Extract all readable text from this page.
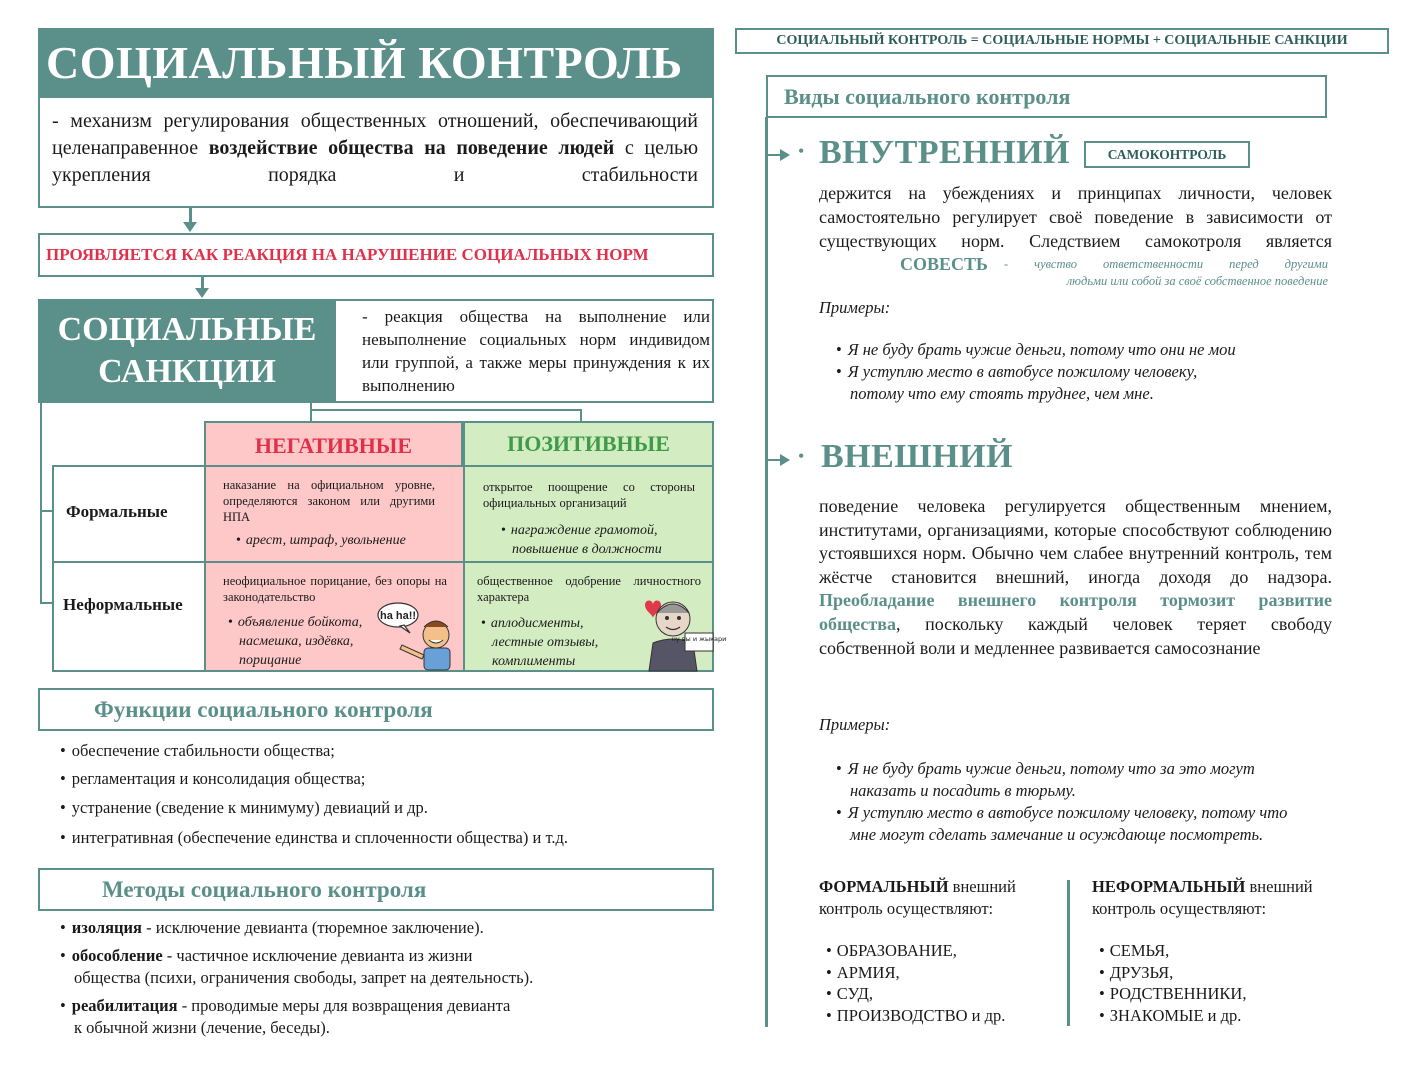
СОЦИАЛЬНЫЙ КОНТРОЛЬ
- механизм регулирования общественных отношений, обеспечивающий целенаправенное воздействие общества на поведение людей с целью укрепления порядка и стабильности
ПРОЯВЛЯЕТСЯ КАК РЕАКЦИЯ НА НАРУШЕНИЕ СОЦИАЛЬНЫХ НОРМ
СОЦИАЛЬНЫЕ
САНКЦИИ
- реакция общества на выполнение или невыполнение социальных норм индивидом или группой, а также меры принуждения к их выполнению
НЕГАТИВНЫЕ	ПОЗИТИВНЫЕ
Формальные
Неформальные
наказание на официальном уровне, определяются законом или другими НПА
• арест, штраф, увольнение
открытое поощрение со стороны официальных организаций
• награждение грамотой,
повышение в должности
неофициальное порицание, без опоры на законодательство
• объявление бойкота,
насмешка, издёвка,
порицание
ha ha!!
общественное одобрение личностного характера
• аплодисменты,
лестные отзывы,
комплименты
ну вы и жыкари
Функции социального контроля
• обеспечение стабильности общества;
• регламентация и консолидация общества;
• устранение (сведение к минимуму) девиаций и др.
• интегративная (обеспечение единства и сплоченности общества) и т.д.
Методы социального контроля
• изоляция - исключение девианта (тюремное заключение).
• обособление - частичное исключение девианта из жизни
общества (психи, ограничения свободы, запрет на деятельность).
• реабилитация - проводимые меры для возвращения девианта
к обычной жизни (лечение, беседы).
СОЦИАЛЬНЫЙ КОНТРОЛЬ = СОЦИАЛЬНЫЕ НОРМЫ + СОЦИАЛЬНЫЕ САНКЦИИ
Виды социального контроля
• ВНУТРЕННИЙ	САМОКОНТРОЛЬ
держится на убеждениях и принципах личности, человек самостоятельно регулирует своё поведение в зависимости от существующих норм. Следствием самокотроля является
СОВЕСТЬ - чувство ответственности перед другими
людьми или собой за своё собственное поведение
Примеры:
• Я не буду брать чужие деньги, потому что они не мои
• Я уступлю место в автобусе пожилому человеку,
потому что ему стоять труднее, чем мне.
• ВНЕШНИЙ
поведение человека регулируется общественным мнением, институтами, организациями, которые способствуют соблюдению устоявшихся норм. Обычно чем слабее внутренний контроль, тем жёстче становится внешний, иногда доходя до надзора. Преобладание внешнего контроля тормозит развитие общества, поскольку каждый человек теряет свободу собственной воли и медленнее развивается самосознание
Примеры:
• Я не буду брать чужие деньги, потому что за это могут
наказать и посадить в тюрьму.
• Я уступлю место в автобусе пожилому человеку, потому что
мне могут сделать замечание и осуждающе посмотреть.
ФОРМАЛЬНЫЙ внешний
контроль осуществляют:
• ОБРАЗОВАНИЕ,
• АРМИЯ,
• СУД,
• ПРОИЗВОДСТВО и др.
НЕФОРМАЛЬНЫЙ внешний
контроль осуществляют:
• СЕМЬЯ,
• ДРУЗЬЯ,
• РОДСТВЕННИКИ,
• ЗНАКОМЫЕ и др.
